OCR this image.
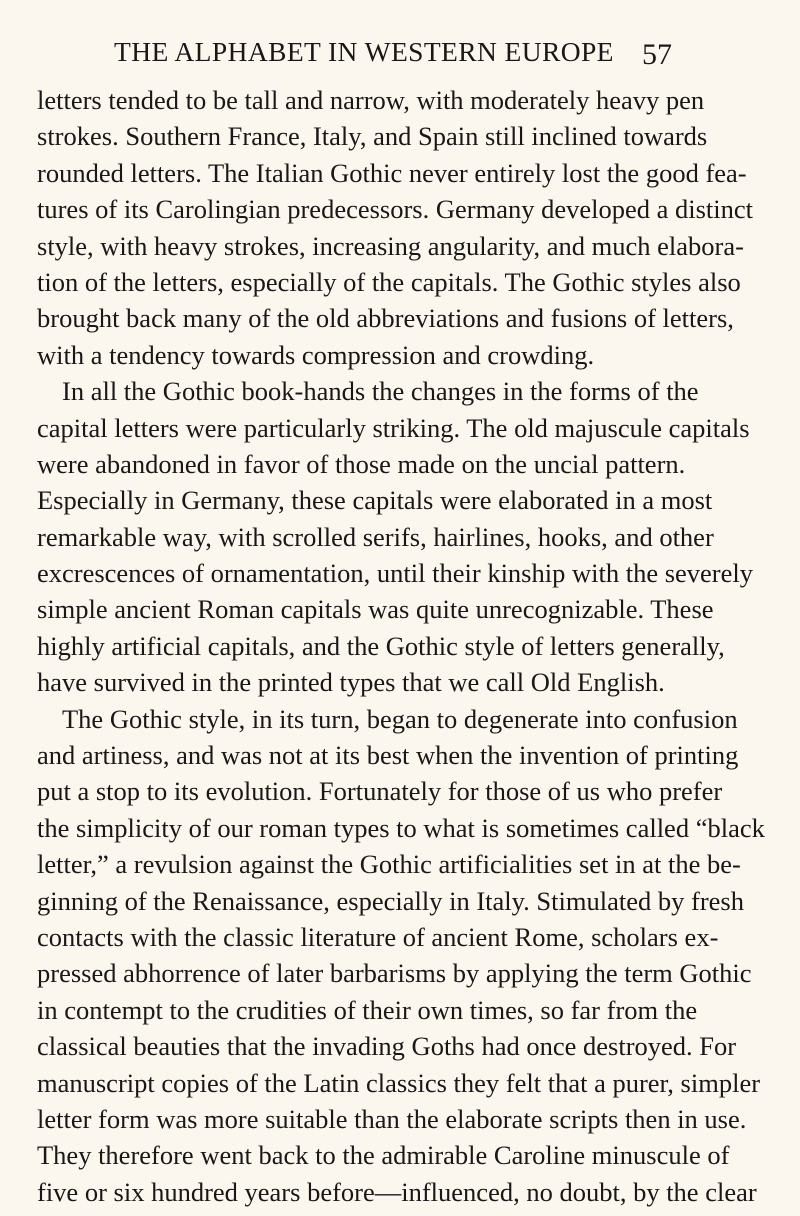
THE ALPHABET IN WESTERN EUROPE 57
letters tended to be tall and narrow, with moderately heavy pen
strokes. Southern France, Italy, and Spain still inclined towards
rounded letters. The Italian Gothic never entirely lost the good fea-
tures of its Carolingian predecessors. Germany developed a distinct
style, with heavy strokes, increasing angularity, and much elabora-
tion of the letters, especially of the capitals. The Gothic styles also
brought back many of the old abbreviations and fusions of letters,
with a tendency towards compression and crowding.
In all the Gothic book-hands the changes in the forms of the
capital letters were particularly striking. The old majuscule capitals
were abandoned in favor of those made on the uncial pattern.
Especially in Germany, these capitals were elaborated in a most
remarkable way, with scrolled serifs, hairlines, hooks, and other
excrescences of ornamentation, until their kinship with the severely
simple ancient Roman capitals was quite unrecognizable. These
highly artificial capitals, and the Gothic style of letters generally,
have survived in the printed types that we call Old English.
The Gothic style, in its turn, began to degenerate into confusion
and artiness, and was not at its best when the invention of printing
put a stop to its evolution. Fortunately for those of us who prefer
the simplicity of our roman types to what is sometimes called “black
letter,” a revulsion against the Gothic artificialities set in at the be-
ginning of the Renaissance, especially in Italy. Stimulated by fresh
contacts with the classic literature of ancient Rome, scholars ex-
pressed abhorrence of later barbarisms by applying the term Gothic
in contempt to the crudities of their own times, so far from the
classical beauties that the invading Goths had once destroyed. For
manuscript copies of the Latin classics they felt that a purer, simpler
letter form was more suitable than the elaborate scripts then in use.
They therefore went back to the admirable Caroline minuscule of
five or six hundred years before—influenced, no doubt, by the clear
